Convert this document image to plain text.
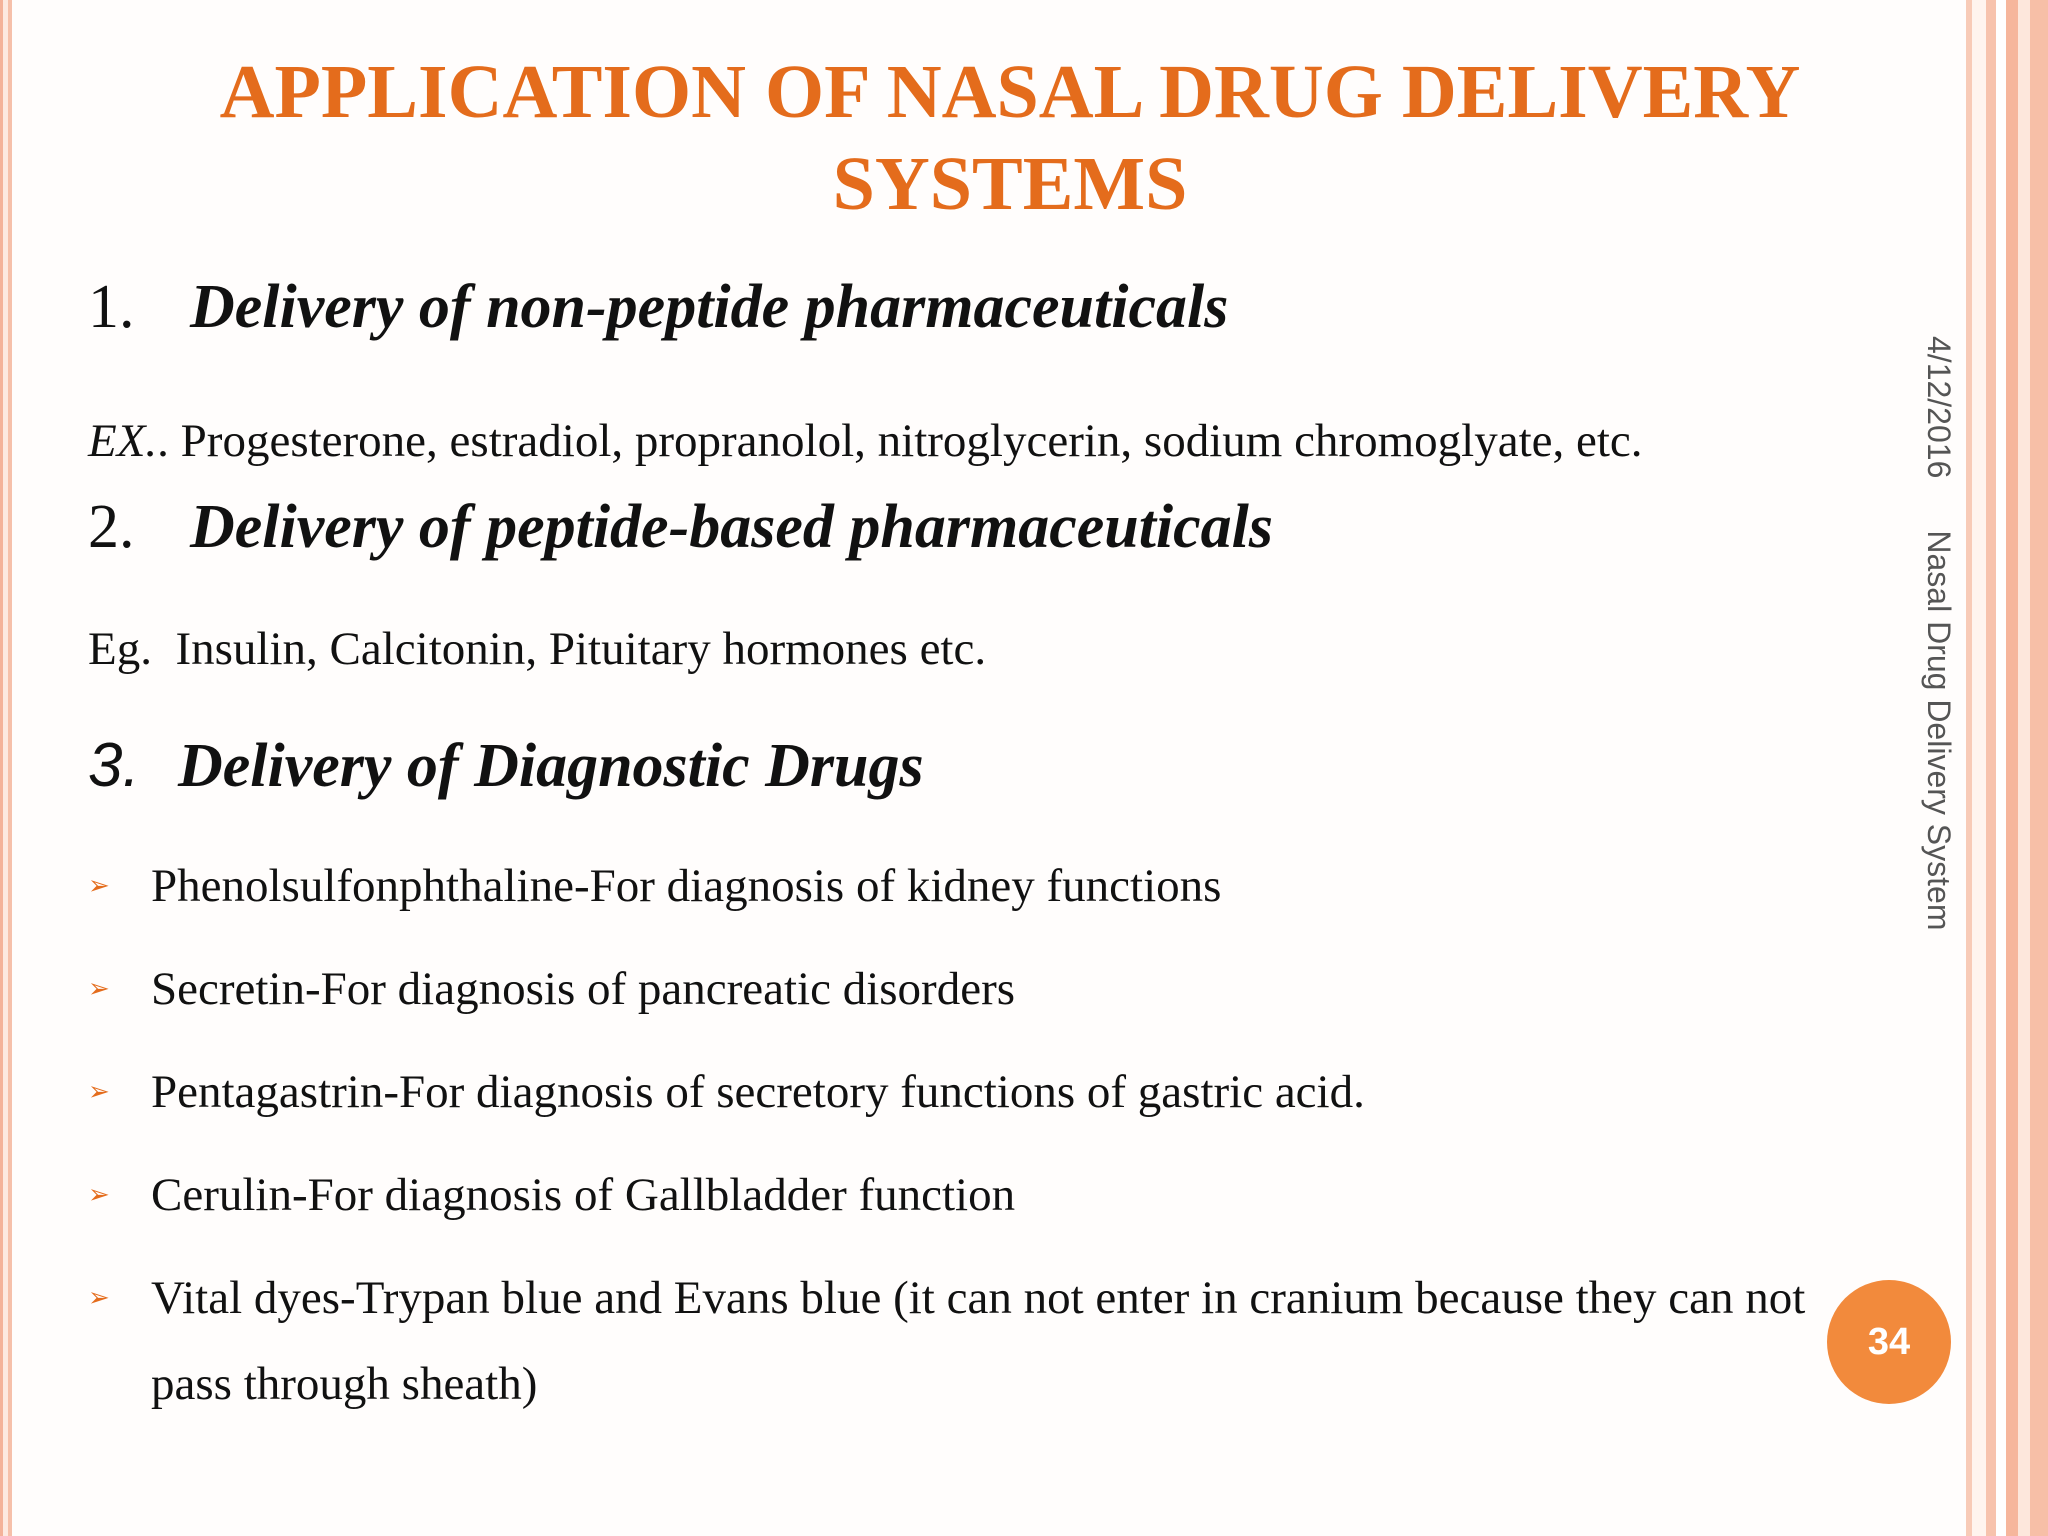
APPLICATION OF NASAL DRUG DELIVERY SYSTEMS
1. Delivery of non-peptide pharmaceuticals
EX.. Progesterone, estradiol, propranolol, nitroglycerin, sodium chromoglyate, etc.
2. Delivery of peptide-based pharmaceuticals
Eg.  Insulin, Calcitonin, Pituitary hormones etc.
3. Delivery of Diagnostic Drugs
➢ Phenolsulfonphthaline-For diagnosis of kidney functions
➢ Secretin-For diagnosis of pancreatic disorders
➢ Pentagastrin-For diagnosis of secretory functions of gastric acid.
➢ Cerulin-For diagnosis of Gallbladder function
➢ Vital dyes-Trypan blue and Evans blue (it can not enter in cranium because they can not pass through sheath)
4/12/2016Nasal Drug Delivery System
34
